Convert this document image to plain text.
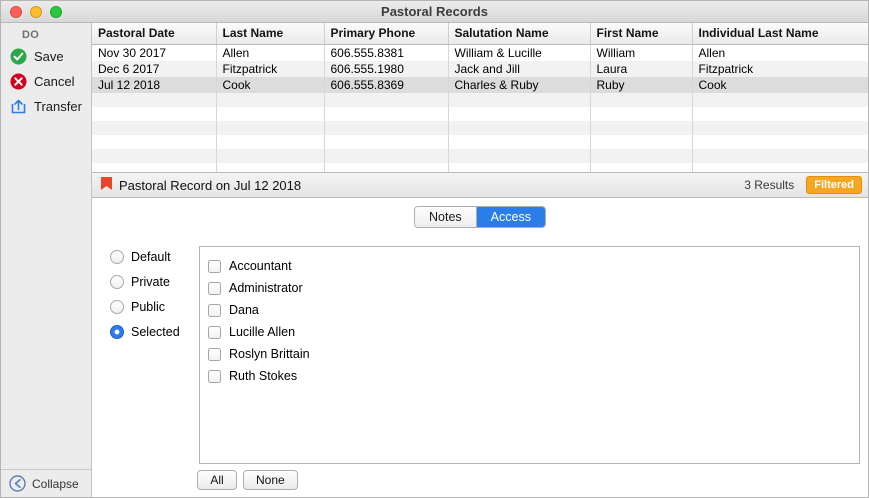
Pastoral Records
DO
Save
Cancel
Transfer
Collapse
Pastoral Date	Last Name	Primary Phone	Salutation Name	First Name	Individual Last Name
Nov 30 2017	Allen	606.555.8381	William & Lucille	William	Allen
Dec 6 2017	Fitzpatrick	606.555.1980	Jack and Jill	Laura	Fitzpatrick
Jul 12 2018	Cook	606.555.8369	Charles & Ruby	Ruby	Cook

Pastoral Record on Jul 12 2018	3 Results	Filtered
Notes	Access
Default
Private
Public
Selected
Accountant
Administrator
Dana
Lucille Allen
Roslyn Brittain
Ruth Stokes
All	None
